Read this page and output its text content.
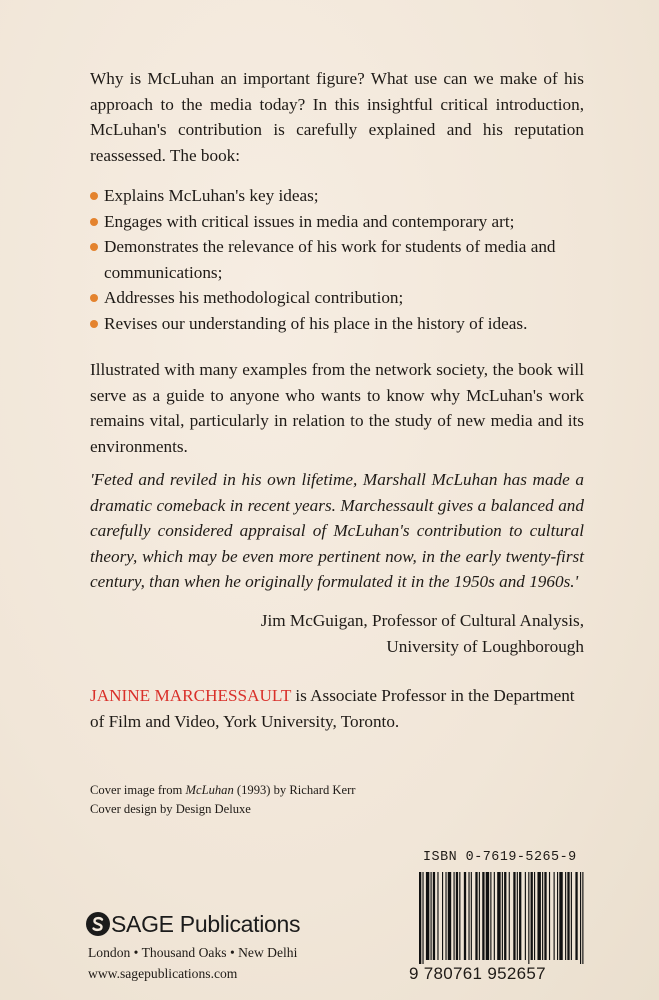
Why is McLuhan an important figure? What use can we make of his approach to the media today? In this insightful critical introduction, McLuhan's contribution is carefully explained and his reputation reassessed. The book:

Explains McLuhan's key ideas;
Engages with critical issues in media and contemporary art;
Demonstrates the relevance of his work for students of media and communications;
Addresses his methodological contribution;
Revises our understanding of his place in the history of ideas.

Illustrated with many examples from the network society, the book will serve as a guide to anyone who wants to know why McLuhan's work remains vital, particularly in relation to the study of new media and its environments.

'Feted and reviled in his own lifetime, Marshall McLuhan has made a dramatic comeback in recent years. Marchessault gives a balanced and carefully considered appraisal of McLuhan's contribution to cultural theory, which may be even more pertinent now, in the early twenty-first century, than when he originally formulated it in the 1950s and 1960s.'

Jim McGuigan, Professor of Cultural Analysis,
University of Loughborough

JANINE MARCHESSAULT is Associate Professor in the Department of Film and Video, York University, Toronto.

Cover image from McLuhan (1993) by Richard Kerr
Cover design by Design Deluxe
SAGE Publications
London • Thousand Oaks • New Delhi
www.sagepublications.com
ISBN 0-7619-5265-9
9 780761 952657
